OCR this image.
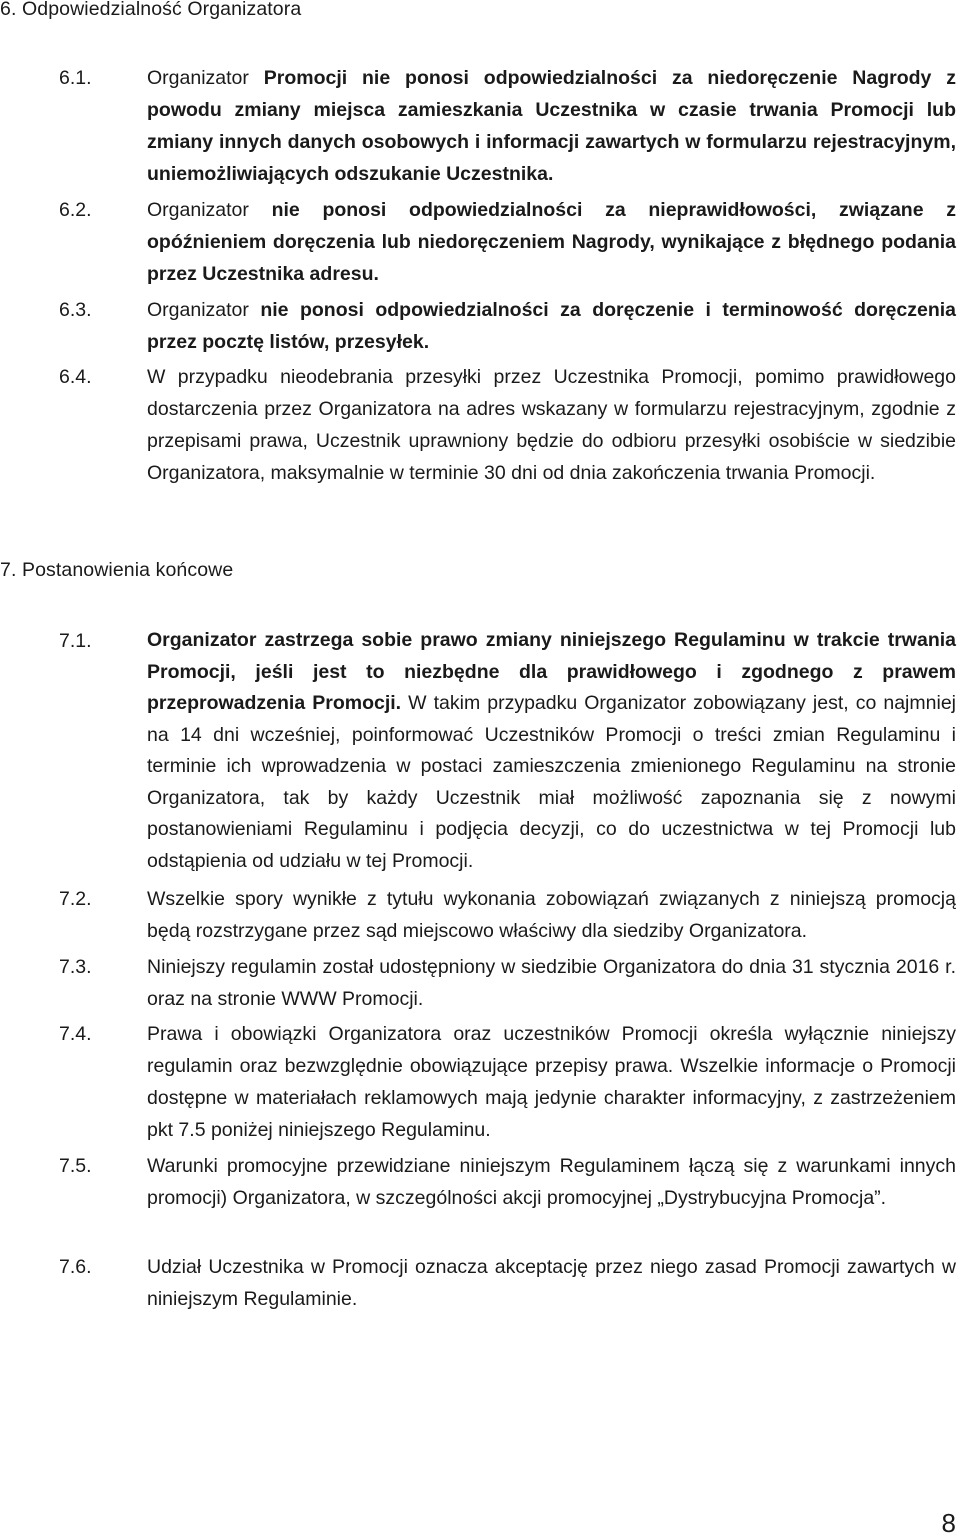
6. Odpowiedzialność Organizatora
6.1.	Organizator Promocji nie ponosi odpowiedzialności za niedoręczenie Nagrody z powodu zmiany miejsca zamieszkania Uczestnika w czasie trwania Promocji lub zmiany innych danych osobowych i informacji zawartych w formularzu rejestracyjnym, uniemożliwiających odszukanie Uczestnika.
6.2.	Organizator nie ponosi odpowiedzialności za nieprawidłowości, związane z opóźnieniem doręczenia lub niedoręczeniem Nagrody, wynikające z błędnego podania przez Uczestnika adresu.
6.3.	Organizator nie ponosi odpowiedzialności za doręczenie i terminowość doręczenia przez pocztę listów, przesyłek.
6.4.	W przypadku nieodebrania przesyłki przez Uczestnika Promocji, pomimo prawidłowego dostarczenia przez Organizatora na adres wskazany w formularzu rejestracyjnym, zgodnie z przepisami prawa, Uczestnik uprawniony będzie do odbioru przesyłki osobiście w siedzibie Organizatora, maksymalnie w terminie 30 dni od dnia zakończenia trwania Promocji.
7. Postanowienia końcowe
7.1.	Organizator zastrzega sobie prawo zmiany niniejszego Regulaminu w trakcie trwania Promocji, jeśli jest to niezbędne dla prawidłowego i zgodnego z prawem przeprowadzenia Promocji. W takim przypadku Organizator zobowiązany jest, co najmniej na 14 dni wcześniej, poinformować Uczestników Promocji o treści zmian Regulaminu i terminie ich wprowadzenia w postaci zamieszczenia zmienionego Regulaminu na stronie Organizatora, tak by każdy Uczestnik miał możliwość zapoznania się z nowymi postanowieniami Regulaminu i podjęcia decyzji, co do uczestnictwa w tej Promocji lub odstąpienia od udziału w tej Promocji.
7.2.	Wszelkie spory wynikłe z tytułu wykonania zobowiązań związanych z niniejszą promocją będą rozstrzygane przez sąd miejscowo właściwy dla siedziby Organizatora.
7.3.	Niniejszy regulamin został udostępniony w siedzibie Organizatora do dnia 31 stycznia 2016 r. oraz na stronie WWW Promocji.
7.4.	Prawa i obowiązki Organizatora oraz uczestników Promocji określa wyłącznie niniejszy regulamin oraz bezwzględnie obowiązujące przepisy prawa. Wszelkie informacje o Promocji dostępne w materiałach reklamowych mają jedynie charakter informacyjny, z zastrzeżeniem pkt 7.5 poniżej niniejszego Regulaminu.
7.5.	Warunki promocyjne przewidziane niniejszym Regulaminem łączą się z warunkami innych promocji) Organizatora, w szczególności akcji promocyjnej „Dystrybucyjna Promocja”.
7.6.	Udział Uczestnika w Promocji oznacza akceptację przez niego zasad Promocji zawartych w niniejszym Regulaminie.
8
